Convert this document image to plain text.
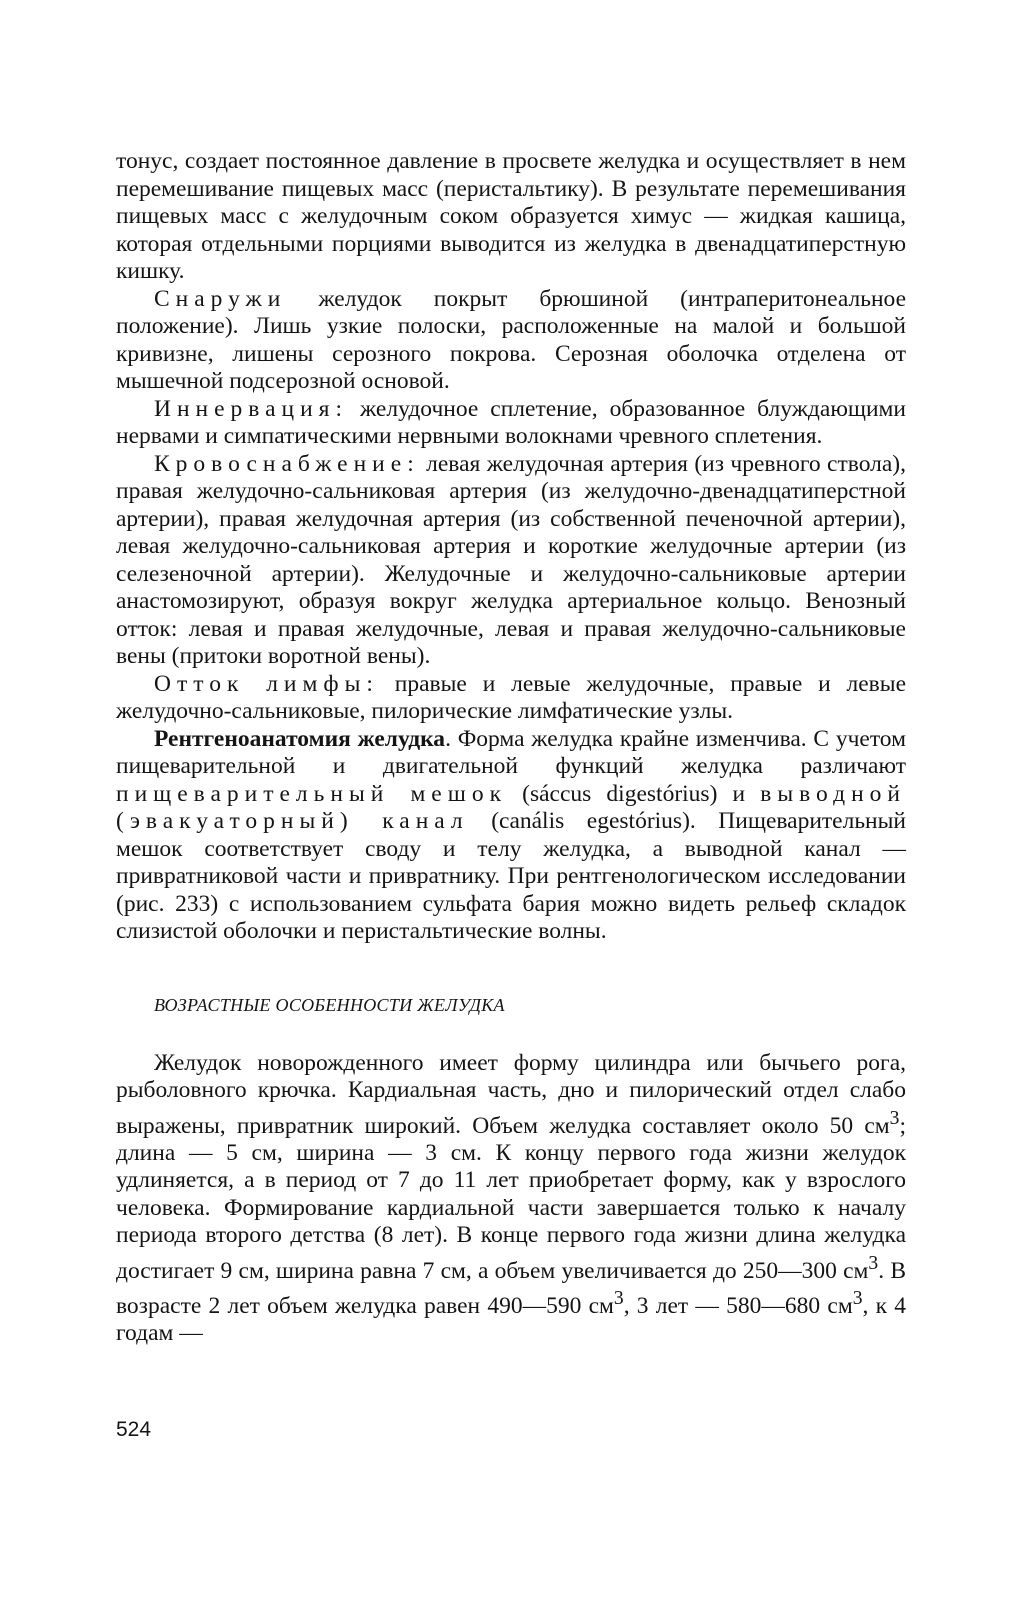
тонус, создает постоянное давление в просвете желудка и осуществляет в нем перемешивание пищевых масс (перистальтику). В результате перемешивания пищевых масс с желудочным соком образуется химус — жидкая кашица, которая отдельными порциями выводится из желудка в двенадцатиперстную кишку.

Снаружи желудок покрыт брюшиной (интраперитонеальное положение). Лишь узкие полоски, расположенные на малой и большой кривизне, лишены серозного покрова. Серозная оболочка отделена от мышечной подсерозной основой.

Иннервация: желудочное сплетение, образованное блуждающими нервами и симпатическими нервными волокнами чревного сплетения.

Кровоснабжение: левая желудочная артерия (из чревного ствола), правая желудочно-сальниковая артерия (из желудочно-двенадцатиперстной артерии), правая желудочная артерия (из собственной печеночной артерии), левая желудочно-сальниковая артерия и короткие желудочные артерии (из селезеночной артерии). Желудочные и желудочно-сальниковые артерии анастомозируют, образуя вокруг желудка артериальное кольцо. Венозный отток: левая и правая желудочные, левая и правая желудочно-сальниковые вены (притоки воротной вены).

Отток лимфы: правые и левые желудочные, правые и левые желудочно-сальниковые, пилорические лимфатические узлы.

Рентгеноанатомия желудка. Форма желудка крайне изменчива. С учетом пищеварительной и двигательной функций желудка различают пищеварительный мешок (sáccus digestórius) и выводной (эвакуаторный) канал (canális egestórius). Пищеварительный мешок соответствует своду и телу желудка, а выводной канал — привратниковой части и привратнику. При рентгенологическом исследовании (рис. 233) с использованием сульфата бария можно видеть рельеф складок слизистой оболочки и перистальтические волны.

ВОЗРАСТНЫЕ ОСОБЕННОСТИ ЖЕЛУДКА

Желудок новорожденного имеет форму цилиндра или бычьего рога, рыболовного крючка. Кардиальная часть, дно и пилорический отдел слабо выражены, привратник широкий. Объем желудка составляет около 50 $см^3$; длина — 5 см, ширина — 3 см. К концу первого года жизни желудок удлиняется, а в период от 7 до 11 лет приобретает форму, как у взрослого человека. Формирование кардиальной части завершается только к началу периода второго детства (8 лет). В конце первого года жизни длина желудка достигает 9 см, ширина равна 7 см, а объем увеличивается до 250—300 $см^3$. В возрасте 2 лет объем желудка равен 490—590 $см^3$, 3 лет — 580—680 $см^3$, к 4 годам —

524
